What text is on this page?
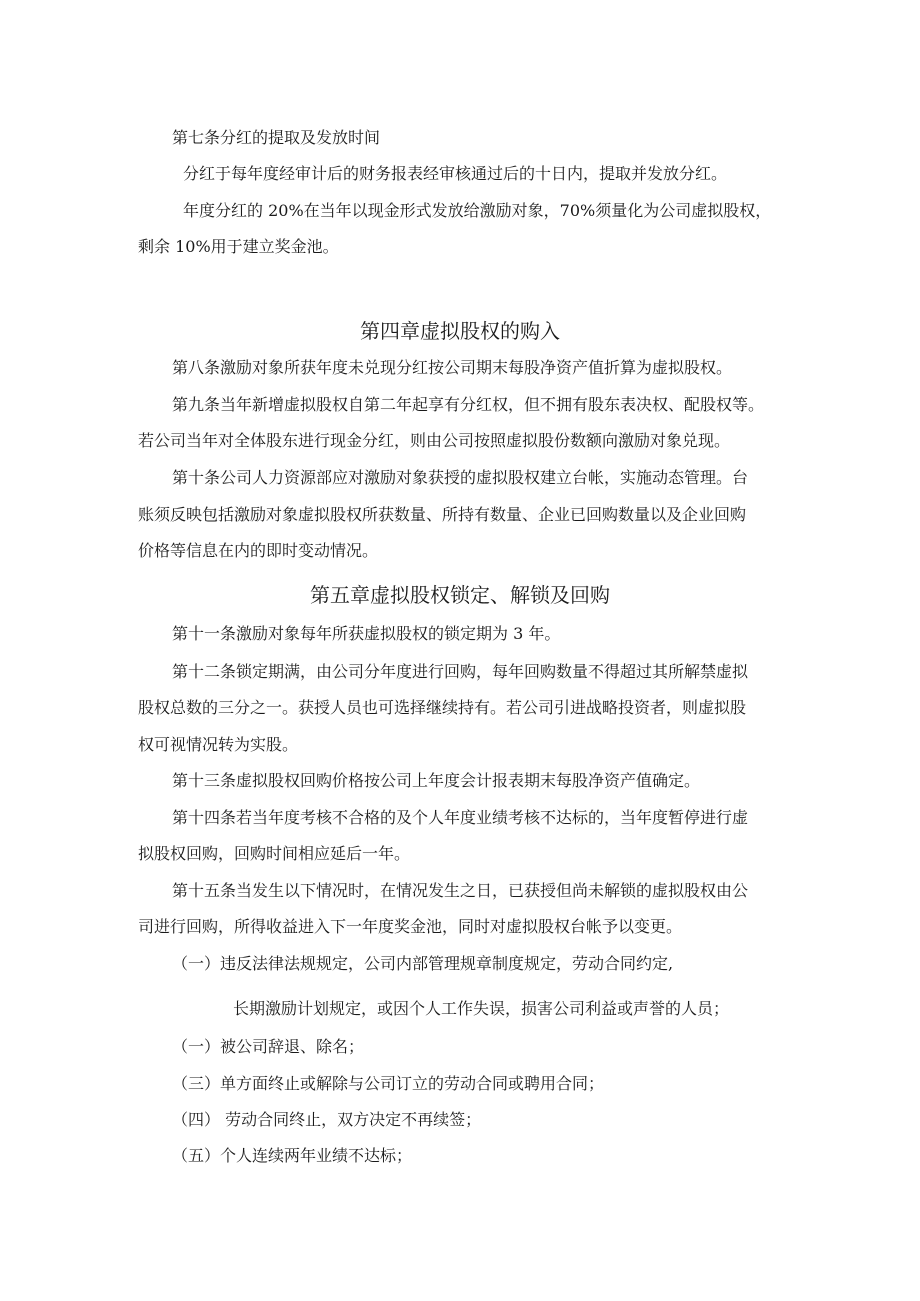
第七条分红的提取及发放时间

分红于每年度经审计后的财务报表经审核通过后的十日内，提取并发放分红。

年度分红的 20%在当年以现金形式发放给激励对象，70%须量化为公司虚拟股权，

剩余 10%用于建立奖金池。

第四章虚拟股权的购入

第八条激励对象所获年度未兑现分红按公司期末每股净资产值折算为虚拟股权。

第九条当年新增虚拟股权自第二年起享有分红权，但不拥有股东表决权、配股权等。

若公司当年对全体股东进行现金分红，则由公司按照虚拟股份数额向激励对象兑现。

第十条公司人力资源部应对激励对象获授的虚拟股权建立台帐，实施动态管理。台

账须反映包括激励对象虚拟股权所获数量、所持有数量、企业已回购数量以及企业回购

价格等信息在内的即时变动情况。

第五章虚拟股权锁定、解锁及回购

第十一条激励对象每年所获虚拟股权的锁定期为 3 年。

第十二条锁定期满，由公司分年度进行回购，每年回购数量不得超过其所解禁虚拟

股权总数的三分之一。获授人员也可选择继续持有。若公司引进战略投资者，则虚拟股

权可视情况转为实股。

第十三条虚拟股权回购价格按公司上年度会计报表期末每股净资产值确定。

第十四条若当年度考核不合格的及个人年度业绩考核不达标的，当年度暂停进行虚

拟股权回购，回购时间相应延后一年。

第十五条当发生以下情况时，在情况发生之日，已获授但尚未解锁的虚拟股权由公

司进行回购，所得收益进入下一年度奖金池，同时对虚拟股权台帐予以变更。

（一）违反法律法规规定，公司内部管理规章制度规定，劳动合同约定,

长期激励计划规定，或因个人工作失误，损害公司利益或声誉的人员；

（一）被公司辞退、除名；

（三）单方面终止或解除与公司订立的劳动合同或聘用合同；

（四） 劳动合同终止，双方决定不再续签；

（五）个人连续两年业绩不达标；
